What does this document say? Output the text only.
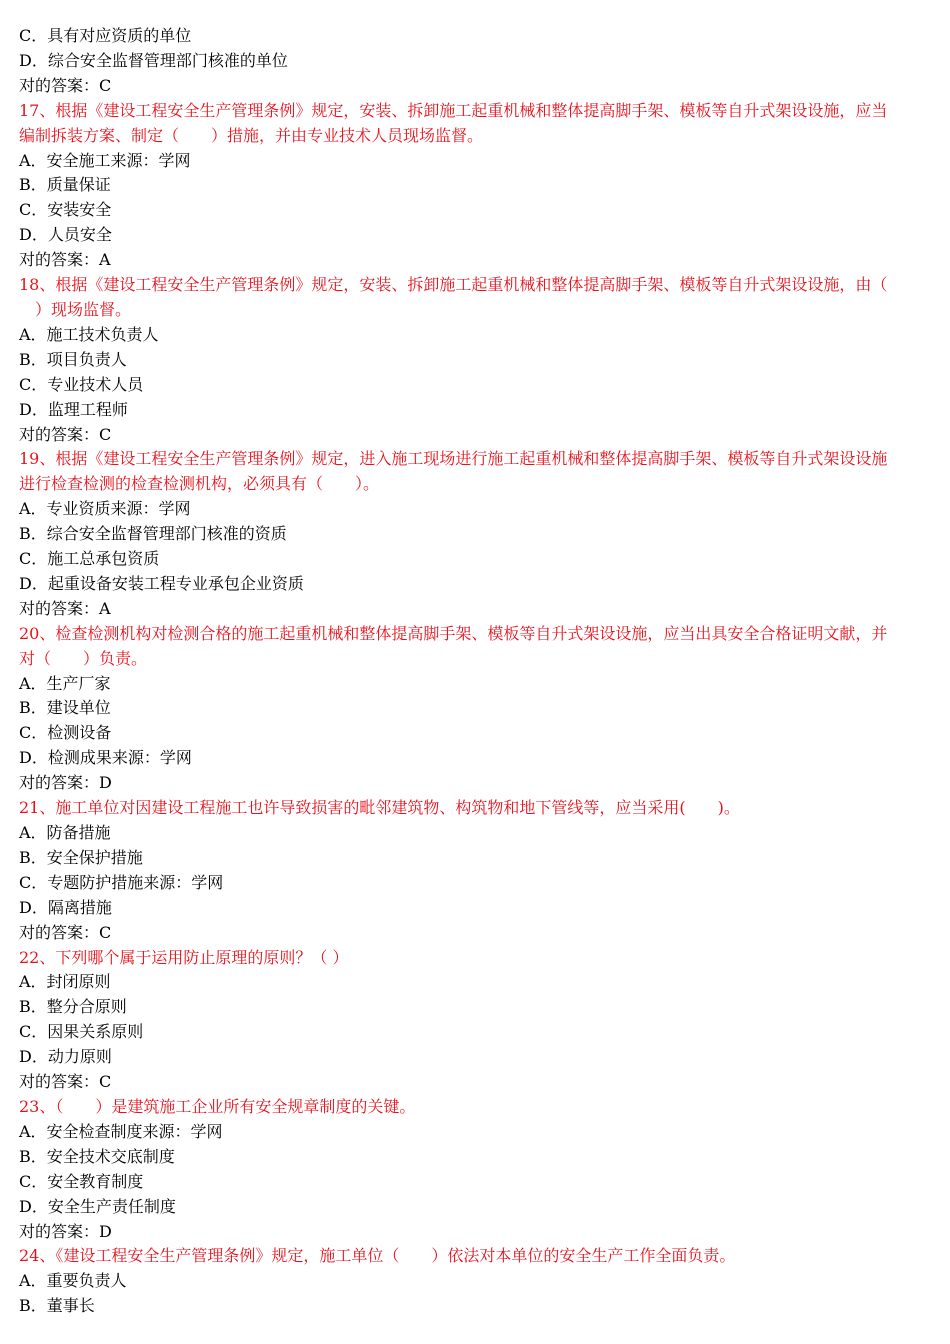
C．具有对应资质的单位
D．综合安全监督管理部门核准的单位
对的答案：C
17、根据《建设工程安全生产管理条例》规定，安装、拆卸施工起重机械和整体提高脚手架、模板等自升式架设设施，应当
编制拆装方案、制定（　　）措施，并由专业技术人员现场监督。
A．安全施工来源：学网
B．质量保证
C．安装安全
D．人员安全
对的答案：A
18、根据《建设工程安全生产管理条例》规定，安装、拆卸施工起重机械和整体提高脚手架、模板等自升式架设设施，由（
　）现场监督。
A．施工技术负责人
B．项目负责人
C．专业技术人员
D．监理工程师
对的答案：C
19、根据《建设工程安全生产管理条例》规定，进入施工现场进行施工起重机械和整体提高脚手架、模板等自升式架设设施
进行检查检测的检查检测机构，必须具有（　　）。
A．专业资质来源：学网
B．综合安全监督管理部门核准的资质
C．施工总承包资质
D．起重设备安装工程专业承包企业资质
对的答案：A
20、检查检测机构对检测合格的施工起重机械和整体提高脚手架、模板等自升式架设设施，应当出具安全合格证明文献，并
对（　　）负责。
A．生产厂家
B．建设单位
C．检测设备
D．检测成果来源：学网
对的答案：D
21、施工单位对因建设工程施工也许导致损害的毗邻建筑物、构筑物和地下管线等，应当采用(　　)。
A．防备措施
B．安全保护措施
C．专题防护措施来源：学网
D．隔离措施
对的答案：C
22、下列哪个属于运用防止原理的原则？（ ）
A．封闭原则
B．整分合原则
C．因果关系原则
D．动力原则
对的答案：C
23、（　　）是建筑施工企业所有安全规章制度的关键。
A．安全检查制度来源：学网
B．安全技术交底制度
C．安全教育制度
D．安全生产责任制度
对的答案：D
24、《建设工程安全生产管理条例》规定，施工单位（　　）依法对本单位的安全生产工作全面负责。
A．重要负责人
B．董事长
